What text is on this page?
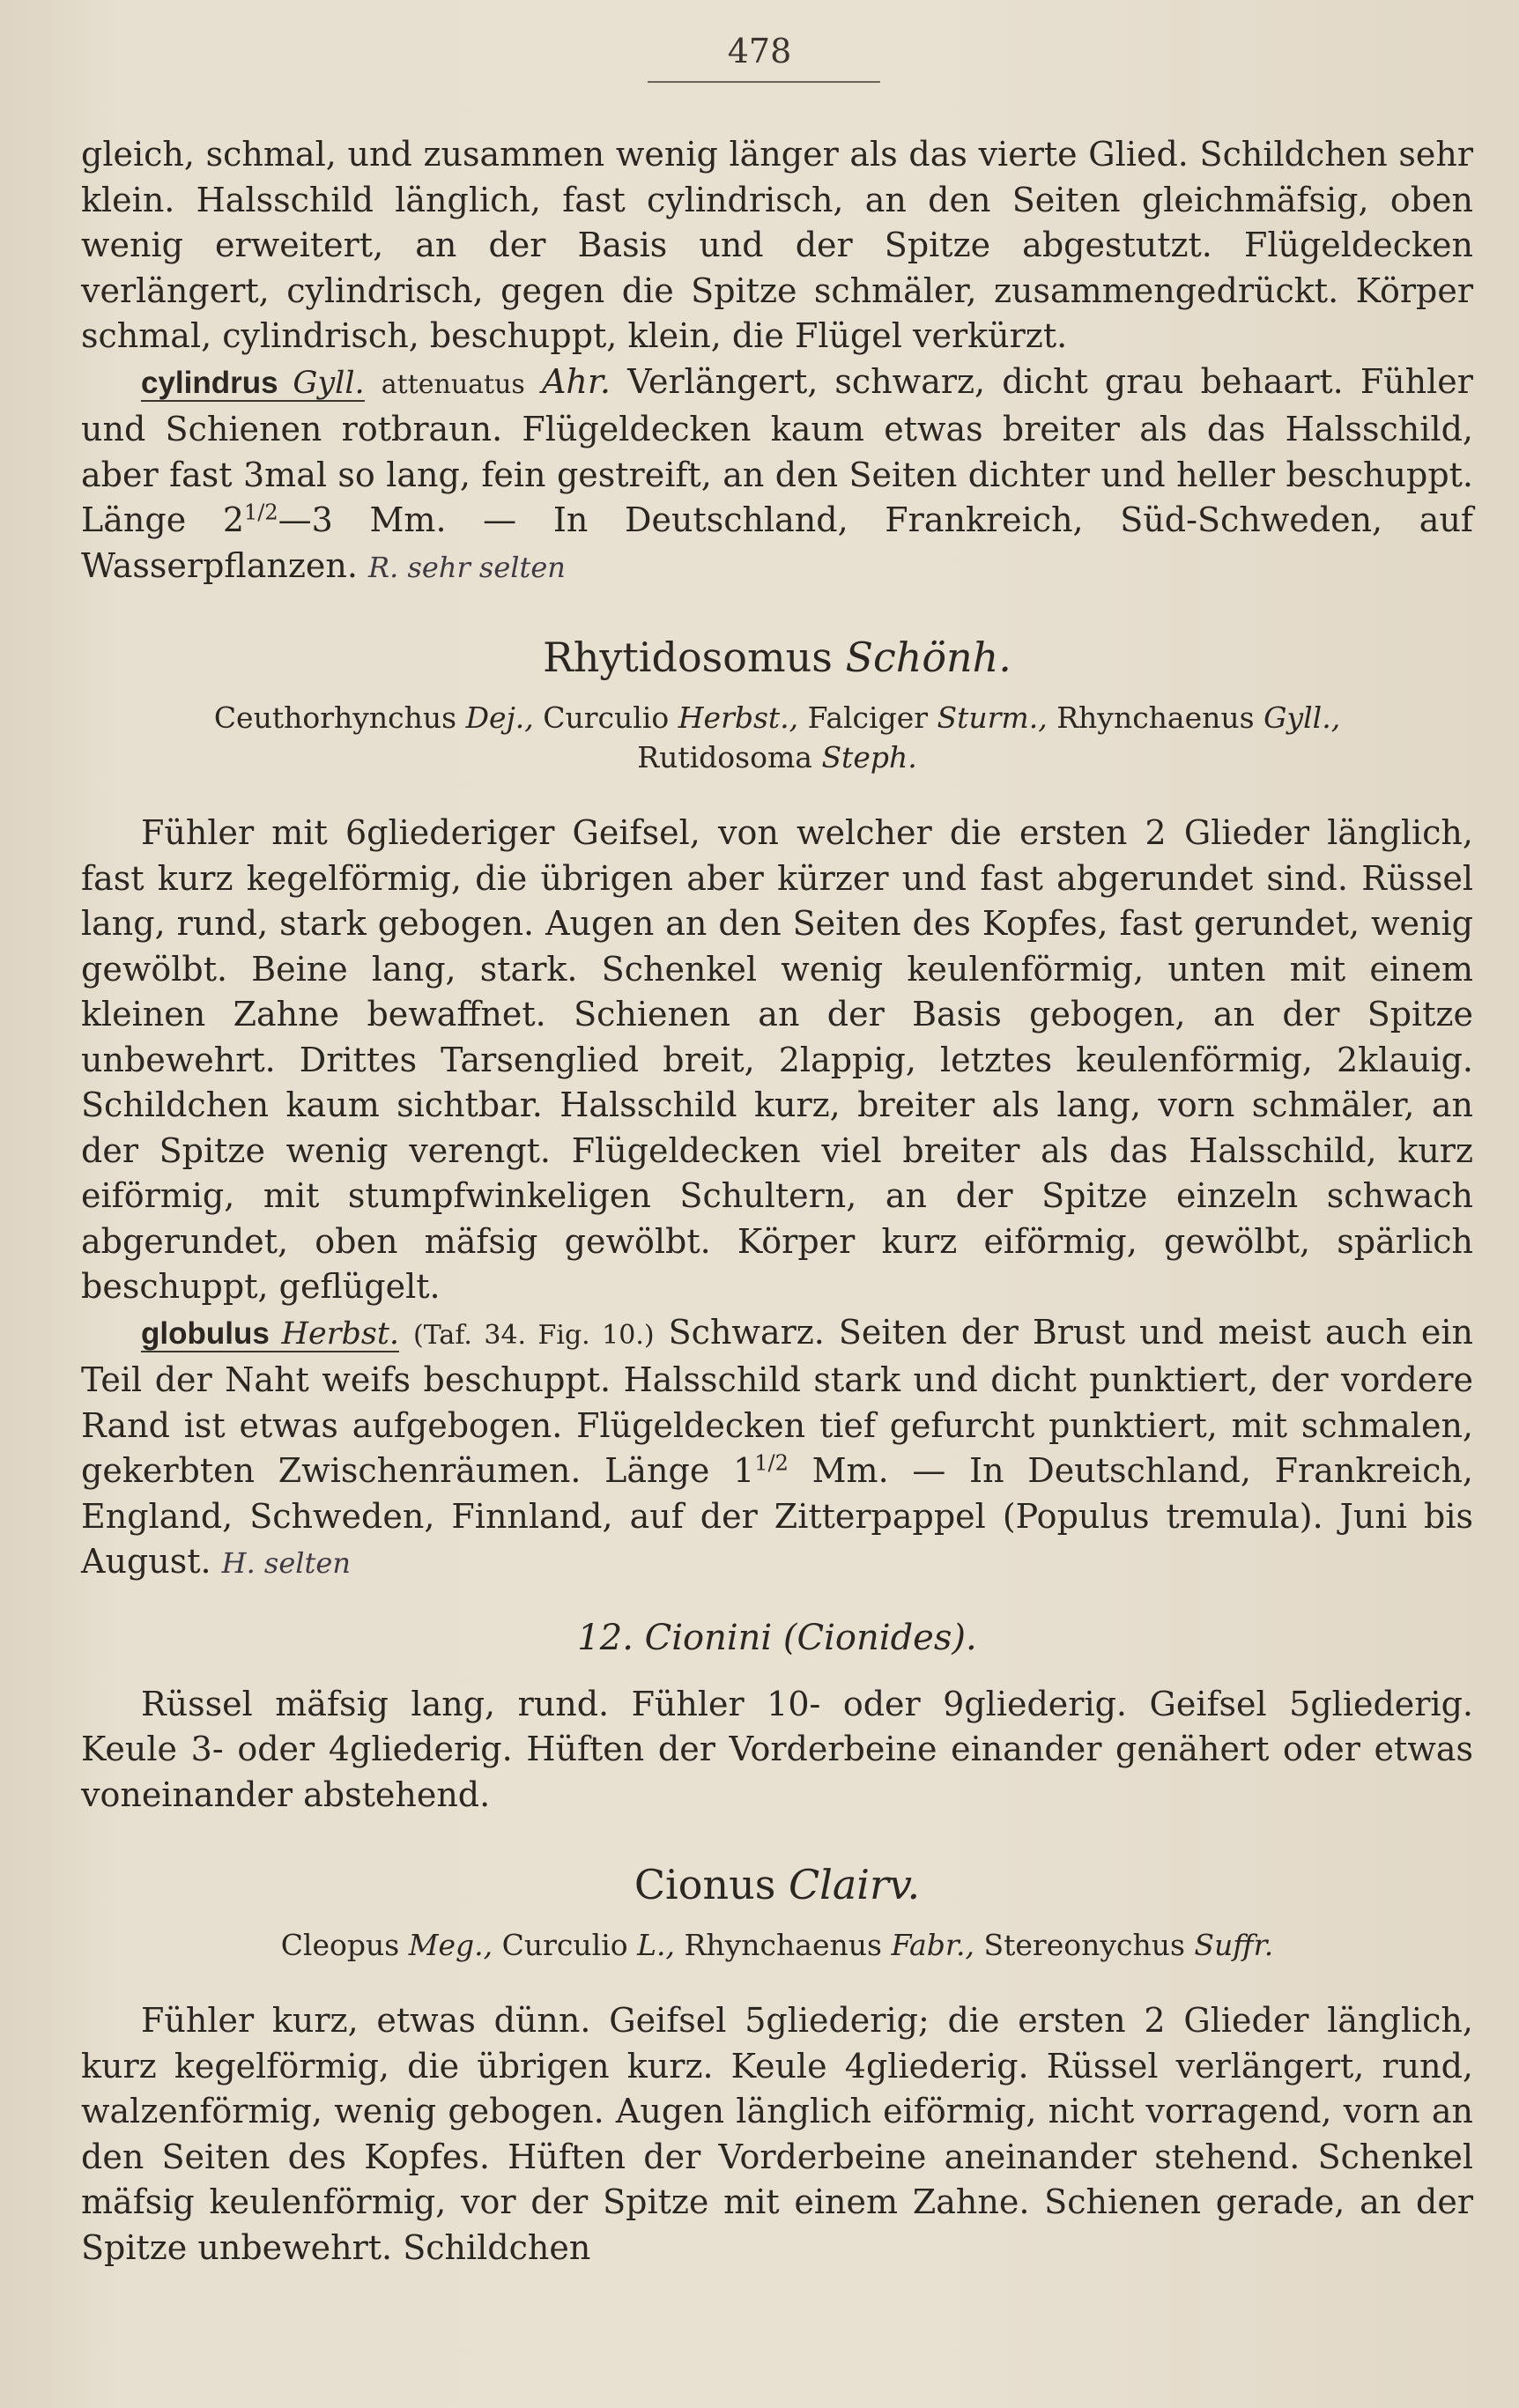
478

gleich, schmal, und zusammen wenig länger als das vierte Glied. Schildchen sehr klein. Halsschild länglich, fast cylindrisch, an den Seiten gleichmäfsig, oben wenig erweitert, an der Basis und der Spitze abgestutzt. Flügeldecken verlängert, cylindrisch, gegen die Spitze schmäler, zusammengedrückt. Körper schmal, cylindrisch, beschuppt, klein, die Flügel verkürzt.

cylindrus Gyll. attenuatus Ahr. Verlängert, schwarz, dicht grau behaart. Fühler und Schienen rotbraun. Flügeldecken kaum etwas breiter als das Halsschild, aber fast 3mal so lang, fein gestreift, an den Seiten dichter und heller beschuppt. Länge $2^{1/2}—3$ Mm. — In Deutschland, Frankreich, Süd-Schweden, auf Wasserpflanzen. R. sehr selten

Rhytidosomus Schönh.
Ceuthorhynchus Dej., Curculio Herbst., Falciger Sturm., Rhynchaenus Gyll.,
Rutidosoma Steph.

Fühler mit 6gliederiger Geifsel, von welcher die ersten 2 Glieder länglich, fast kurz kegelförmig, die übrigen aber kürzer und fast abgerundet sind. Rüssel lang, rund, stark gebogen. Augen an den Seiten des Kopfes, fast gerundet, wenig gewölbt. Beine lang, stark. Schenkel wenig keulenförmig, unten mit einem kleinen Zahne bewaffnet. Schienen an der Basis gebogen, an der Spitze unbewehrt. Drittes Tarsenglied breit, 2lappig, letztes keulenförmig, 2klauig. Schildchen kaum sichtbar. Halsschild kurz, breiter als lang, vorn schmäler, an der Spitze wenig verengt. Flügeldecken viel breiter als das Halsschild, kurz eiförmig, mit stumpfwinkeligen Schultern, an der Spitze einzeln schwach abgerundet, oben mäfsig gewölbt. Körper kurz eiförmig, gewölbt, spärlich beschuppt, geflügelt.

globulus Herbst. (Taf. 34. Fig. 10.) Schwarz. Seiten der Brust und meist auch ein Teil der Naht weifs beschuppt. Halsschild stark und dicht punktiert, der vordere Rand ist etwas aufgebogen. Flügeldecken tief gefurcht punktiert, mit schmalen, gekerbten Zwischenräumen. Länge $1^{1/2}$ Mm. — In Deutschland, Frankreich, England, Schweden, Finnland, auf der Zitterpappel (Populus tremula). Juni bis August. H. selten

12. Cionini (Cionides).

Rüssel mäfsig lang, rund. Fühler 10- oder 9gliederig. Geifsel 5gliederig. Keule 3- oder 4gliederig. Hüften der Vorderbeine einander genähert oder etwas voneinander abstehend.

Cionus Clairv.
Cleopus Meg., Curculio L., Rhynchaenus Fabr., Stereonychus Suffr.

Fühler kurz, etwas dünn. Geifsel 5gliederig; die ersten 2 Glieder länglich, kurz kegelförmig, die übrigen kurz. Keule 4gliederig. Rüssel verlängert, rund, walzenförmig, wenig gebogen. Augen länglich eiförmig, nicht vorragend, vorn an den Seiten des Kopfes. Hüften der Vorderbeine aneinander stehend. Schenkel mäfsig keulenförmig, vor der Spitze mit einem Zahne. Schienen gerade, an der Spitze unbewehrt. Schildchen
